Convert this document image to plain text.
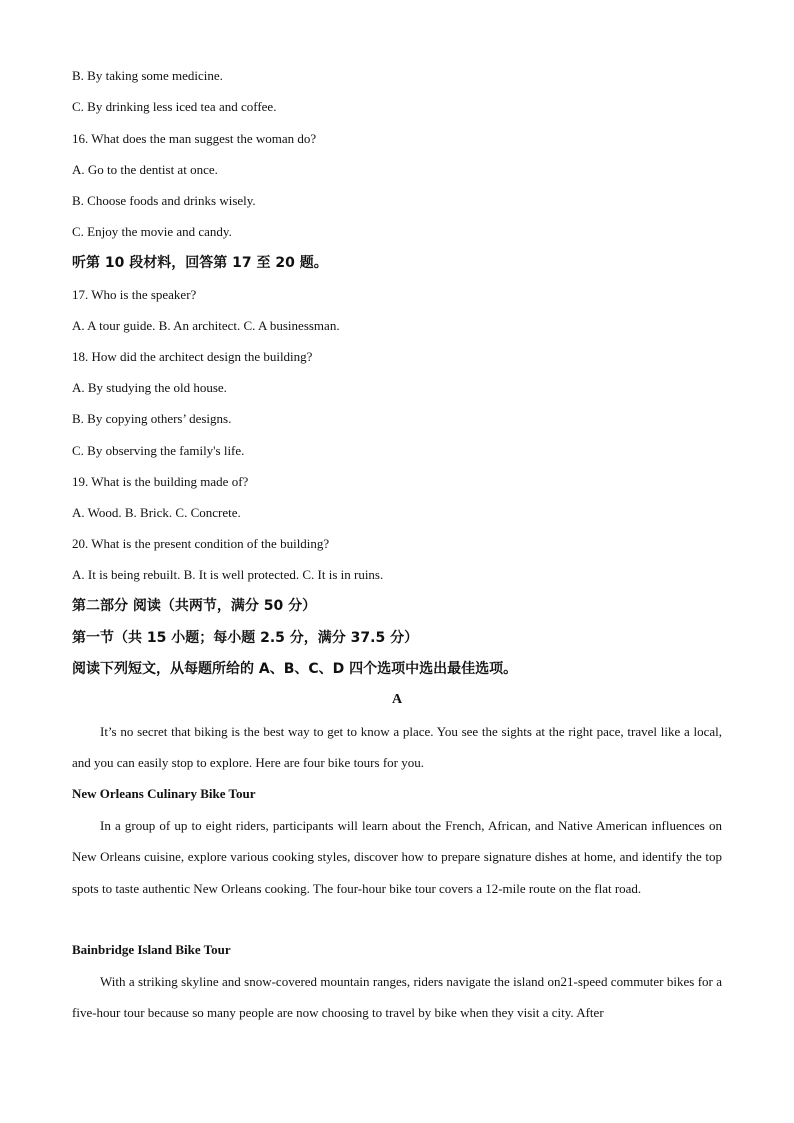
B. By taking some medicine.
C. By drinking less iced tea and coffee.
16. What does the man suggest the woman do?
A. Go to the dentist at once.
B. Choose foods and drinks wisely.
C. Enjoy the movie and candy.
听第 10 段材料，回答第 17 至 20 题。
17. Who is the speaker?
A. A tour guide. B. An architect. C. A businessman.
18. How did the architect design the building?
A. By studying the old house.
B. By copying others’ designs.
C. By observing the family's life.
19. What is the building made of?
A. Wood. B. Brick. C. Concrete.
20. What is the present condition of the building?
A. It is being rebuilt. B. It is well protected. C. It is in ruins.
第二部分 阅读（共两节，满分 50 分）
第一节（共 15 小题；每小题 2.5 分，满分 37.5 分）
阅读下列短文，从每题所给的 A、B、C、D 四个选项中选出最佳选项。
A

It’s no secret that biking is the best way to get to know a place. You see the sights at the right pace, travel like a local, and you can easily stop to explore. Here are four bike tours for you.

New Orleans Culinary Bike Tour

In a group of up to eight riders, participants will learn about the French, African, and Native American influences on New Orleans cuisine, explore various cooking styles, discover how to prepare signature dishes at home, and identify the top spots to taste authentic New Orleans cooking. The four-hour bike tour covers a 12-mile route on the flat road.

Bainbridge Island Bike Tour

With a striking skyline and snow-covered mountain ranges, riders navigate the island on21-speed commuter bikes for a five-hour tour because so many people are now choosing to travel by bike when they visit a city. After
